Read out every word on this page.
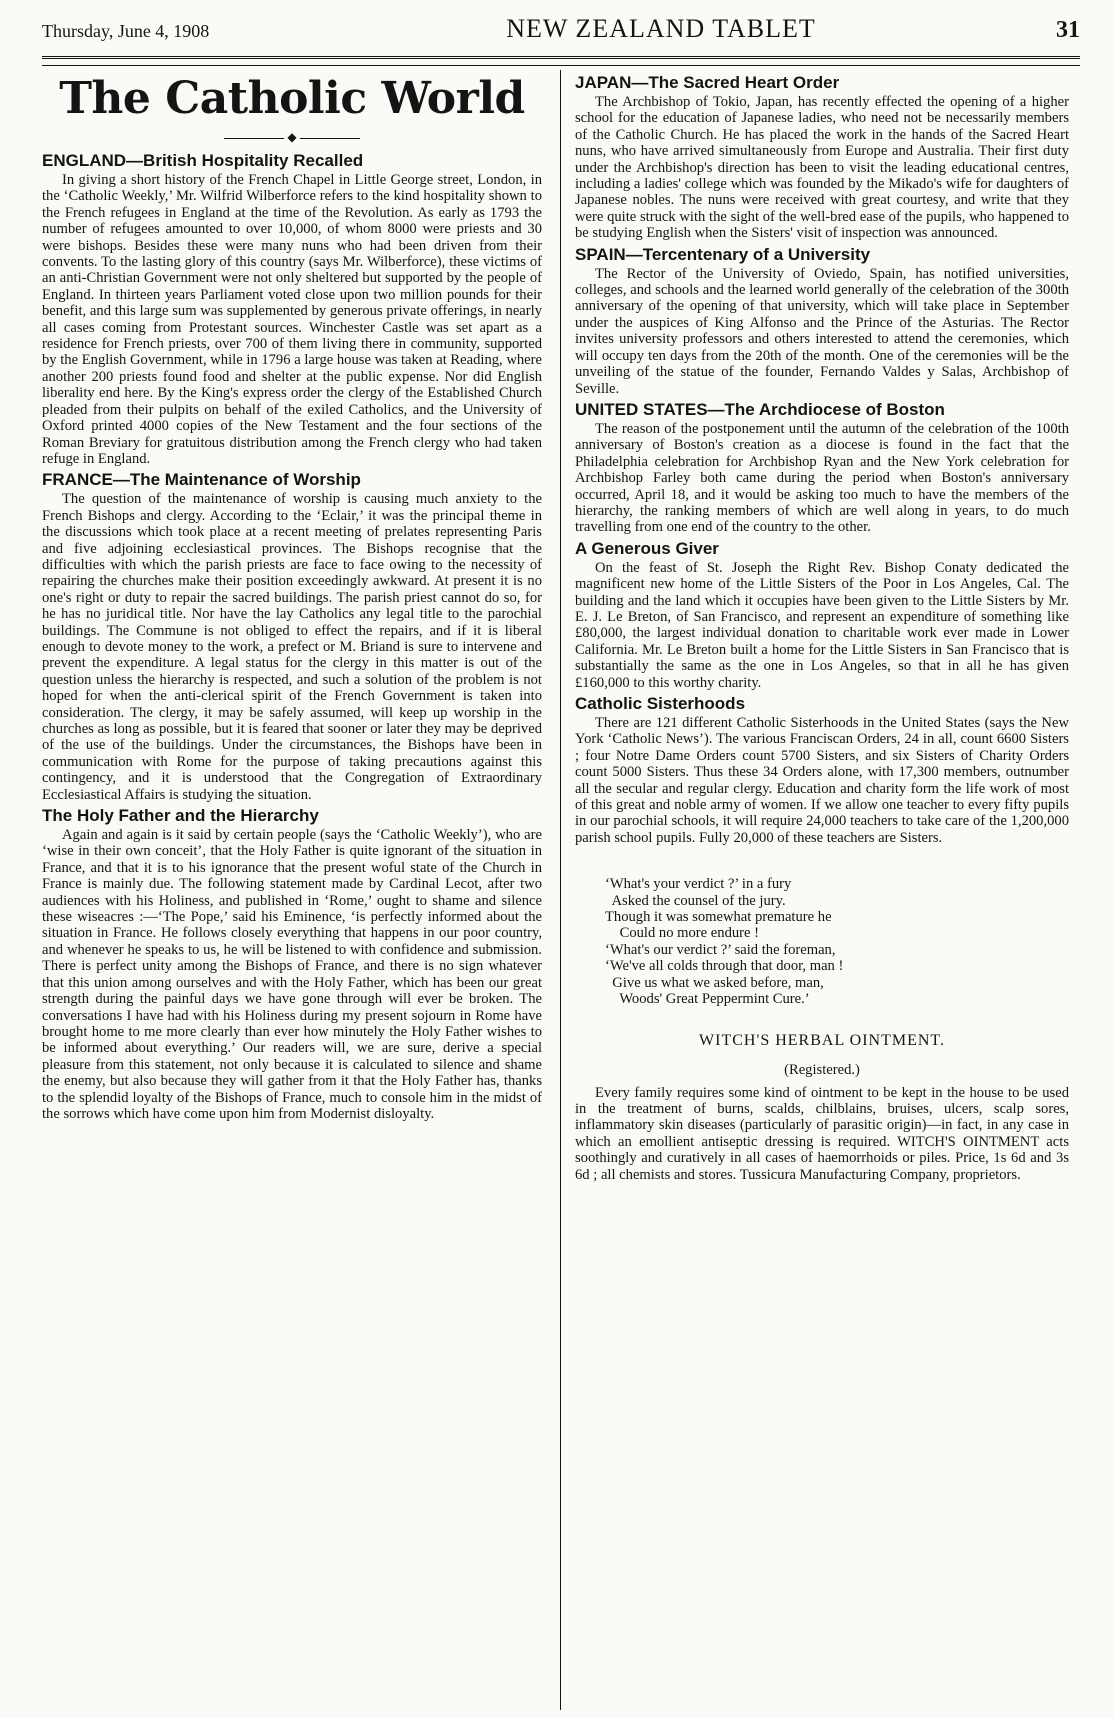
Thursday, June 4, 1908	NEW ZEALAND TABLET	31
The Catholic World
◆
ENGLAND—British Hospitality Recalled

In giving a short history of the French Chapel in Little George street, London, in the ‘Catholic Weekly,’ Mr. Wilfrid Wilberforce refers to the kind hospitality shown to the French refugees in England at the time of the Revolution. As early as 1793 the number of refugees amounted to over 10,000, of whom 8000 were priests and 30 were bishops. Besides these were many nuns who had been driven from their convents. To the lasting glory of this country (says Mr. Wilberforce), these victims of an anti-Christian Government were not only sheltered but supported by the people of England. In thirteen years Parliament voted close upon two million pounds for their benefit, and this large sum was supplemented by generous private offerings, in nearly all cases coming from Protestant sources. Winchester Castle was set apart as a residence for French priests, over 700 of them living there in community, supported by the English Government, while in 1796 a large house was taken at Reading, where another 200 priests found food and shelter at the public expense. Nor did English liberality end here. By the King's express order the clergy of the Established Church pleaded from their pulpits on behalf of the exiled Catholics, and the University of Oxford printed 4000 copies of the New Testament and the four sections of the Roman Breviary for gratuitous distribution among the French clergy who had taken refuge in England.

FRANCE—The Maintenance of Worship

The question of the maintenance of worship is causing much anxiety to the French Bishops and clergy. According to the ‘Eclair,’ it was the principal theme in the discussions which took place at a recent meeting of prelates representing Paris and five adjoining ecclesiastical provinces. The Bishops recognise that the difficulties with which the parish priests are face to face owing to the necessity of repairing the churches make their position exceedingly awkward. At present it is no one's right or duty to repair the sacred buildings. The parish priest cannot do so, for he has no juridical title. Nor have the lay Catholics any legal title to the parochial buildings. The Commune is not obliged to effect the repairs, and if it is liberal enough to devote money to the work, a prefect or M. Briand is sure to intervene and prevent the expenditure. A legal status for the clergy in this matter is out of the question unless the hierarchy is respected, and such a solution of the problem is not hoped for when the anti-clerical spirit of the French Government is taken into consideration. The clergy, it may be safely assumed, will keep up worship in the churches as long as possible, but it is feared that sooner or later they may be deprived of the use of the buildings. Under the circumstances, the Bishops have been in communication with Rome for the purpose of taking precautions against this contingency, and it is understood that the Congregation of Extraordinary Ecclesiastical Affairs is studying the situation.

The Holy Father and the Hierarchy

Again and again is it said by certain people (says the ‘Catholic Weekly’), who are ‘wise in their own conceit’, that the Holy Father is quite ignorant of the situation in France, and that it is to his ignorance that the present woful state of the Church in France is mainly due. The following statement made by Cardinal Lecot, after two audiences with his Holiness, and published in ‘Rome,’ ought to shame and silence these wiseacres :—‘The Pope,’ said his Eminence, ‘is perfectly informed about the situation in France. He follows closely everything that happens in our poor country, and whenever he speaks to us, he will be listened to with confidence and submission. There is perfect unity among the Bishops of France, and there is no sign whatever that this union among ourselves and with the Holy Father, which has been our great strength during the painful days we have gone through will ever be broken. The conversations I have had with his Holiness during my present sojourn in Rome have brought home to me more clearly than ever how minutely the Holy Father wishes to be informed about everything.’ Our readers will, we are sure, derive a special pleasure from this statement, not only because it is calculated to silence and shame the enemy, but also because they will gather from it that the Holy Father has, thanks to the splendid loyalty of the Bishops of France, much to console him in the midst of the sorrows which have come upon him from Modernist disloyalty.

JAPAN—The Sacred Heart Order

The Archbishop of Tokio, Japan, has recently effected the opening of a higher school for the education of Japanese ladies, who need not be necessarily members of the Catholic Church. He has placed the work in the hands of the Sacred Heart nuns, who have arrived simultaneously from Europe and Australia. Their first duty under the Archbishop's direction has been to visit the leading educational centres, including a ladies' college which was founded by the Mikado's wife for daughters of Japanese nobles. The nuns were received with great courtesy, and write that they were quite struck with the sight of the well-bred ease of the pupils, who happened to be studying English when the Sisters' visit of inspection was announced.

SPAIN—Tercentenary of a University

The Rector of the University of Oviedo, Spain, has notified universities, colleges, and schools and the learned world generally of the celebration of the 300th anniversary of the opening of that university, which will take place in September under the auspices of King Alfonso and the Prince of the Asturias. The Rector invites university professors and others interested to attend the ceremonies, which will occupy ten days from the 20th of the month. One of the ceremonies will be the unveiling of the statue of the founder, Fernando Valdes y Salas, Archbishop of Seville.

UNITED STATES—The Archdiocese of Boston

The reason of the postponement until the autumn of the celebration of the 100th anniversary of Boston's creation as a diocese is found in the fact that the Philadelphia celebration for Archbishop Ryan and the New York celebration for Archbishop Farley both came during the period when Boston's anniversary occurred, April 18, and it would be asking too much to have the members of the hierarchy, the ranking members of which are well along in years, to do much travelling from one end of the country to the other.

A Generous Giver

On the feast of St. Joseph the Right Rev. Bishop Conaty dedicated the magnificent new home of the Little Sisters of the Poor in Los Angeles, Cal. The building and the land which it occupies have been given to the Little Sisters by Mr. E. J. Le Breton, of San Francisco, and represent an expenditure of something like £80,000, the largest individual donation to charitable work ever made in Lower California. Mr. Le Breton built a home for the Little Sisters in San Francisco that is substantially the same as the one in Los Angeles, so that in all he has given £160,000 to this worthy charity.

Catholic Sisterhoods

There are 121 different Catholic Sisterhoods in the United States (says the New York ‘Catholic News’). The various Franciscan Orders, 24 in all, count 6600 Sisters ; four Notre Dame Orders count 5700 Sisters, and six Sisters of Charity Orders count 5000 Sisters. Thus these 34 Orders alone, with 17,300 members, outnumber all the secular and regular clergy. Education and charity form the life work of most of this great and noble army of women. If we allow one teacher to every fifty pupils in our parochial schools, it will require 24,000 teachers to take care of the 1,200,000 parish school pupils. Fully 20,000 of these teachers are Sisters.

‘What's your verdict ?’ in a fury
Asked the counsel of the jury.
Though it was somewhat premature he
Could no more endure !
‘What's our verdict ?’ said the foreman,
‘We've all colds through that door, man !
Give us what we asked before, man,
Woods' Great Peppermint Cure.’
WITCH'S HERBAL OINTMENT.
(Registered.)

Every family requires some kind of ointment to be kept in the house to be used in the treatment of burns, scalds, chilblains, bruises, ulcers, scalp sores, inflammatory skin diseases (particularly of parasitic origin)—in fact, in any case in which an emollient antiseptic dressing is required. WITCH'S OINTMENT acts soothingly and curatively in all cases of haemorrhoids or piles. Price, 1s 6d and 3s 6d ; all chemists and stores. Tussicura Manufacturing Company, proprietors.
